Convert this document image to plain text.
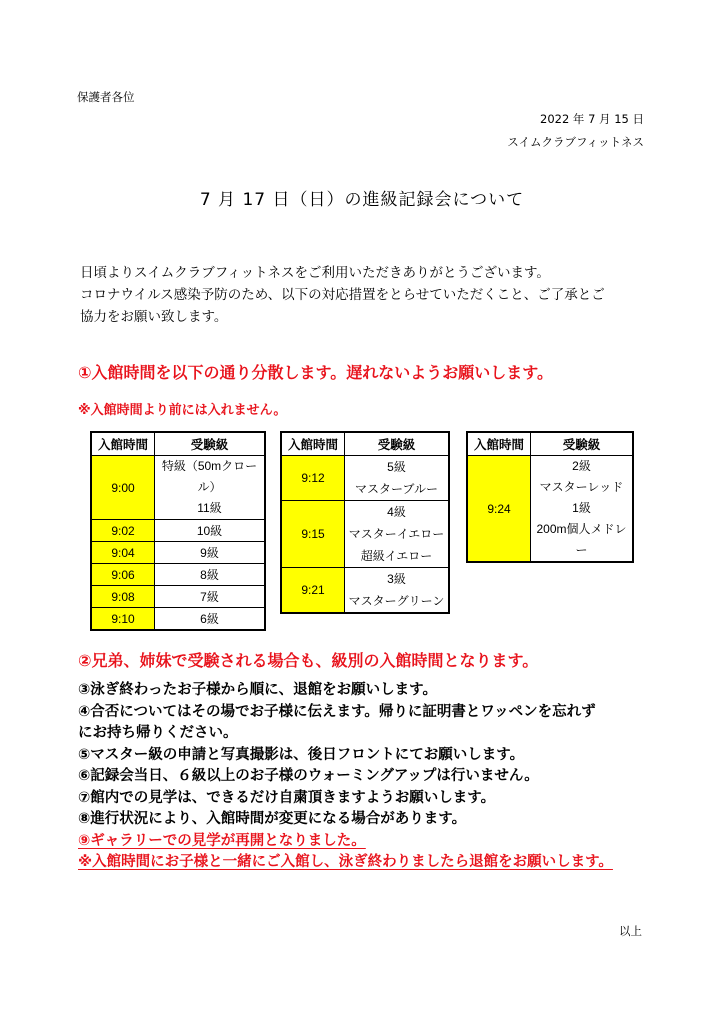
保護者各位
2022 年 7 月 15 日
スイムクラブフィットネス
7 月 17 日（日）の進級記録会について
日頃よりスイムクラブフィットネスをご利用いただきありがとうございます。
コロナウイルス感染予防のため、以下の対応措置をとらせていただくこと、ご了承とご
協力をお願い致します。
①入館時間を以下の通り分散します。遅れないようお願いします。
※入館時間より前には入れません。
入館時間	受験級
9:00	特級（50mクロール）
11級

9:02	10級
9:04	9級
9:06	8級
9:08	7級
9:10	6級
入館時間	受験級
9:12	5級
マスターブルー

9:15	4級
マスターイエロー
超級イエロー

9:21	3級
マスターグリーン
入館時間	受験級
9:24	2級
マスターレッド
1級
200m個人メドレー
②兄弟、姉妹で受験される場合も、級別の入館時間となります。
③泳ぎ終わったお子様から順に、退館をお願いします。
④合否についてはその場でお子様に伝えます。帰りに証明書とワッペンを忘れず
にお持ち帰りください。
⑤マスター級の申請と写真撮影は、後日フロントにてお願いします。
⑥記録会当日、６級以上のお子様のウォーミングアップは行いません。
⑦館内での見学は、できるだけ自粛頂きますようお願いします。
⑧進行状況により、入館時間が変更になる場合があります。
⑨ギャラリーでの見学が再開となりました。
※入館時間にお子様と一緒にご入館し、泳ぎ終わりましたら退館をお願いします。
以上
